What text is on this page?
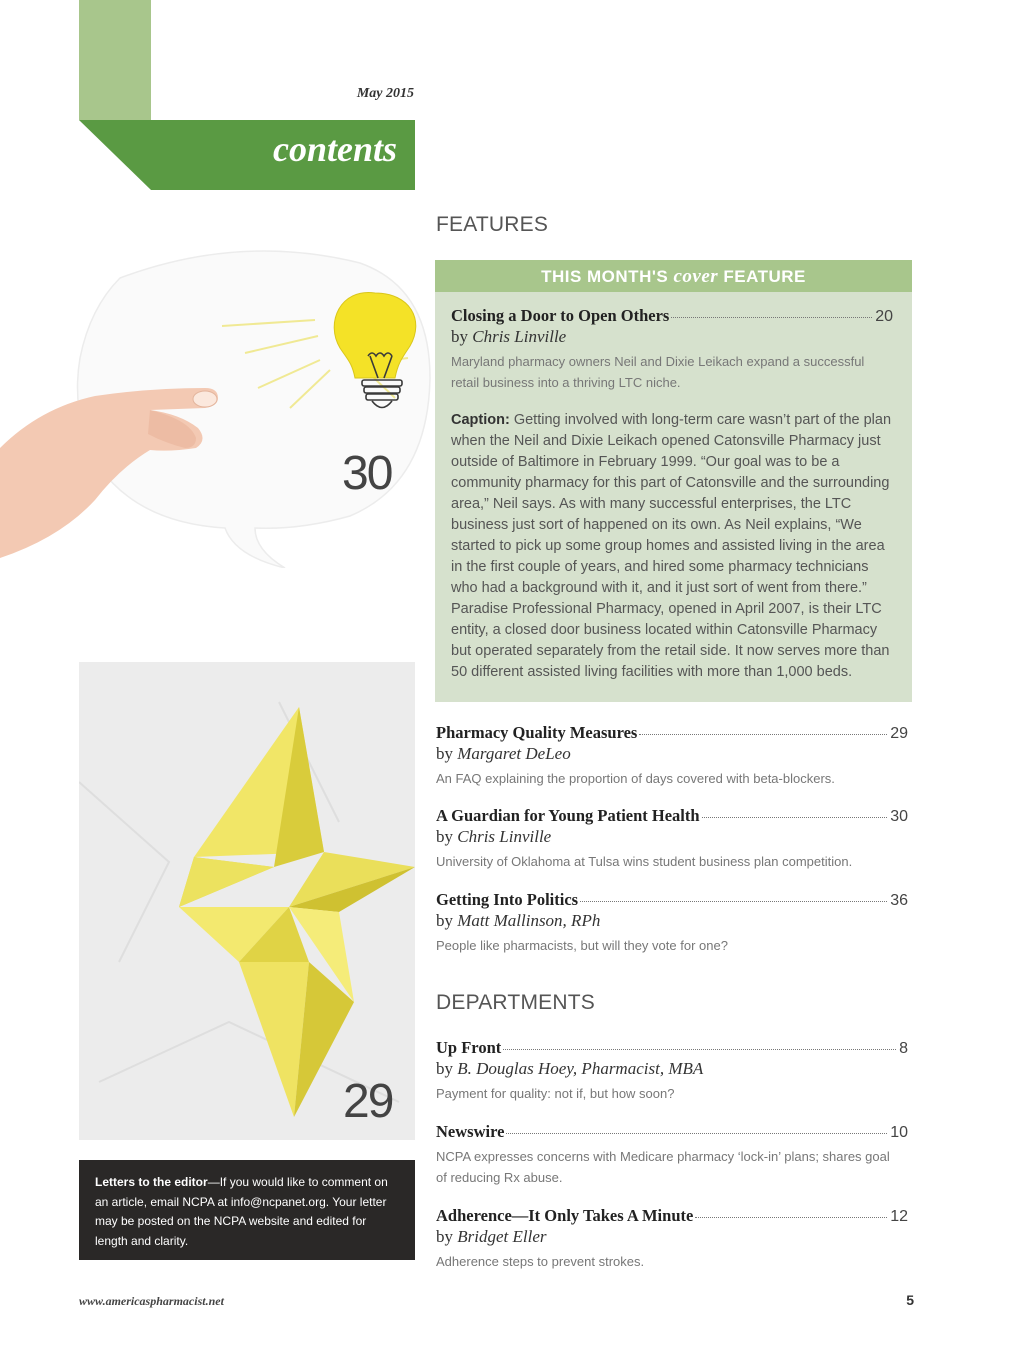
May 2015
contents
30
29
FEATURES
THIS MONTH'S cover FEATURE
Closing a Door to Open Others	20
by Chris Linville
Maryland pharmacy owners Neil and Dixie Leikach expand a successful retail business into a thriving LTC niche.
Caption: Getting involved with long-term care wasn’t part of the plan when the Neil and Dixie Leikach opened Catonsville Pharmacy just outside of Baltimore in February 1999. “Our goal was to be a community pharmacy for this part of Catonsville and the surrounding area,” Neil says. As with many successful enterprises, the LTC business just sort of happened on its own. As Neil explains, “We started to pick up some group homes and assisted living in the area in the first couple of years, and hired some pharmacy technicians who had a background with it, and it just sort of went from there.” Paradise Professional Pharmacy, opened in April 2007, is their LTC entity, a closed door business located within Catonsville Pharmacy but operated separately from the retail side. It now serves more than 50 different assisted living facilities with more than 1,000 beds.
Pharmacy Quality Measures	29
by Margaret DeLeo
An FAQ explaining the proportion of days covered with beta-blockers.
A Guardian for Young Patient Health	30
by Chris Linville
University of Oklahoma at Tulsa wins student business plan competition.
Getting Into Politics	36
by Matt Mallinson, RPh
People like pharmacists, but will they vote for one?
DEPARTMENTS
Up Front	8
by B. Douglas Hoey, Pharmacist, MBA
Payment for quality: not if, but how soon?
Newswire	10
NCPA expresses concerns with Medicare pharmacy ‘lock-in’ plans; shares goal of reducing Rx abuse.
Adherence—It Only Takes A Minute	12
by Bridget Eller
Adherence steps to prevent strokes.
Letters to the editor—If you would like to comment on an article, email NCPA at info@ncpanet.org. Your letter may be posted on the NCPA website and edited for length and clarity.
www.americaspharmacist.net	5
